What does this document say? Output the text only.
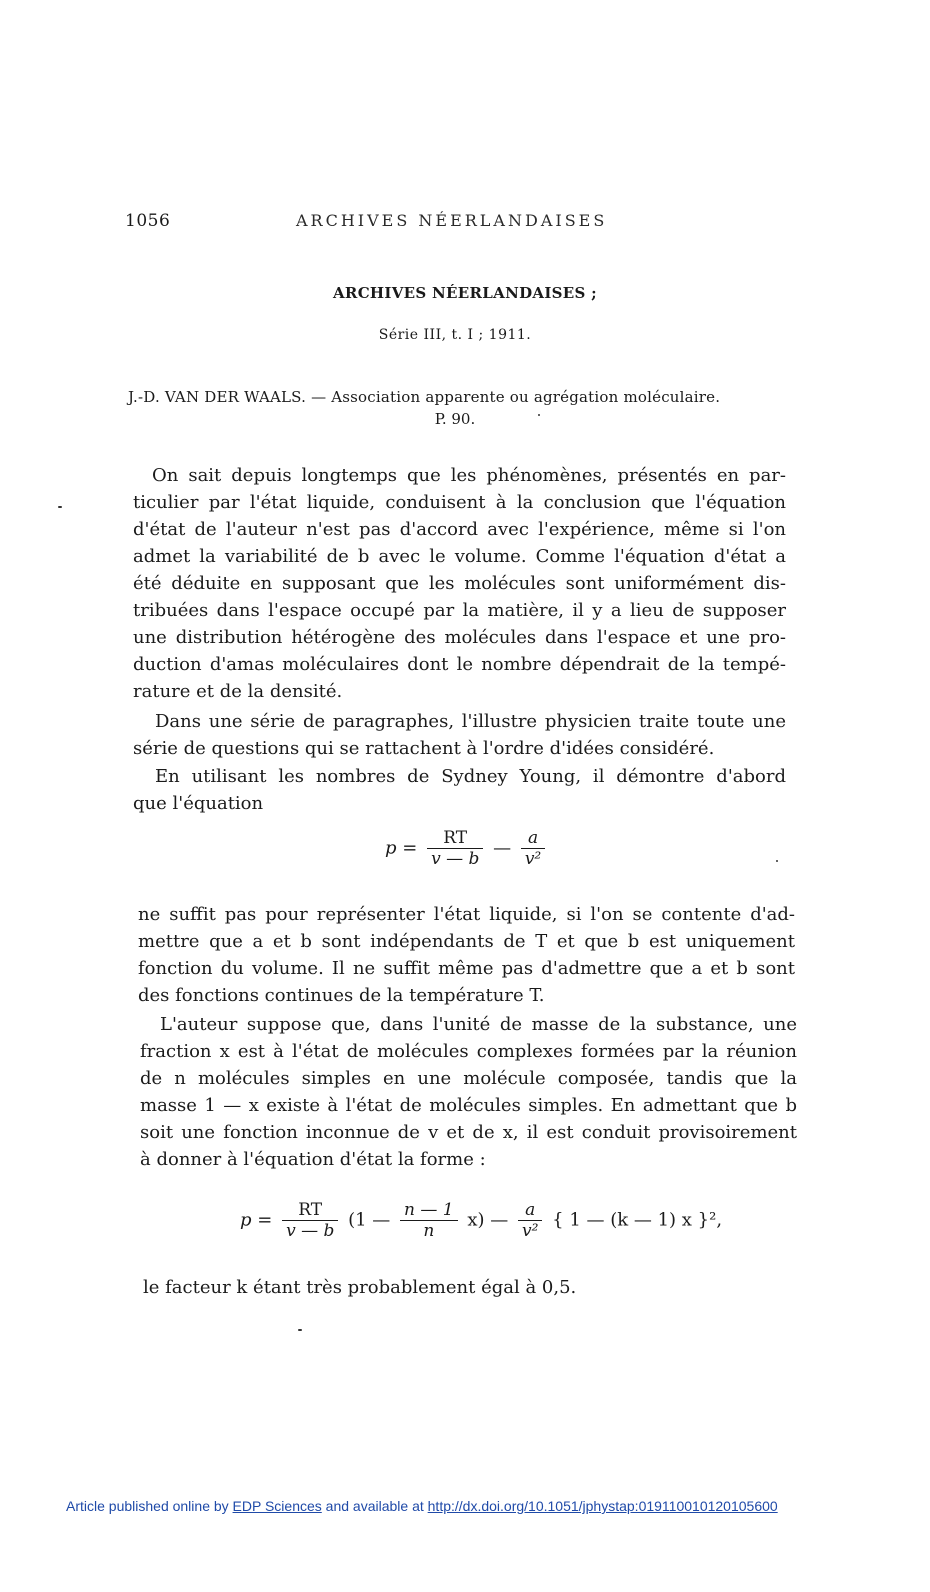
1056	ARCHIVES NÉERLANDAISES
ARCHIVES NÉERLANDAISES ;
Série III, t. I ; 1911.
J.-D. VAN DER WAALS. — Association apparente ou agrégation moléculaire.
P. 90.
On sait depuis longtemps que les phénomènes, présentés en par-
ticulier par l'état liquide, conduisent à la conclusion que l'équation
d'état de l'auteur n'est pas d'accord avec l'expérience, même si l'on
admet la variabilité de b avec le volume. Comme l'équation d'état a
été déduite en supposant que les molécules sont uniformément dis-
tribuées dans l'espace occupé par la matière, il y a lieu de supposer
une distribution hétérogène des molécules dans l'espace et une pro-
duction d'amas moléculaires dont le nombre dépendrait de la tempé-
rature et de la densité.
Dans une série de paragraphes, l'illustre physicien traite toute une
série de questions qui se rattachent à l'ordre d'idées considéré.
En utilisant les nombres de Sydney Young, il démontre d'abord
que l'équation
$p = \frac{RT}{v — b}$ — $\frac{a}{\text{v²}}$
ne suffit pas pour représenter l'état liquide, si l'on se contente d'ad-
mettre que a et b sont indépendants de T et que b est uniquement
fonction du volume. Il ne suffit même pas d'admettre que a et b sont
des fonctions continues de la température T.
L'auteur suppose que, dans l'unité de masse de la substance, une
fraction x est à l'état de molécules complexes formées par la réunion
de n molécules simples en une molécule composée, tandis que la
masse 1 — x existe à l'état de molécules simples. En admettant que b
soit une fonction inconnue de v et de x, il est conduit provisoirement
à donner à l'équation d'état la forme :
$p = \frac{RT}{v — b} (1$ — $\frac{n — 1}{n} x$) — $\frac{a}{\text{v²}}$ { 1 — (k — 1) x }²,
le facteur k étant très probablement égal à 0,5.
Article published online by EDP Sciences and available at http://dx.doi.org/10.1051/jphystap:019110010120105600
